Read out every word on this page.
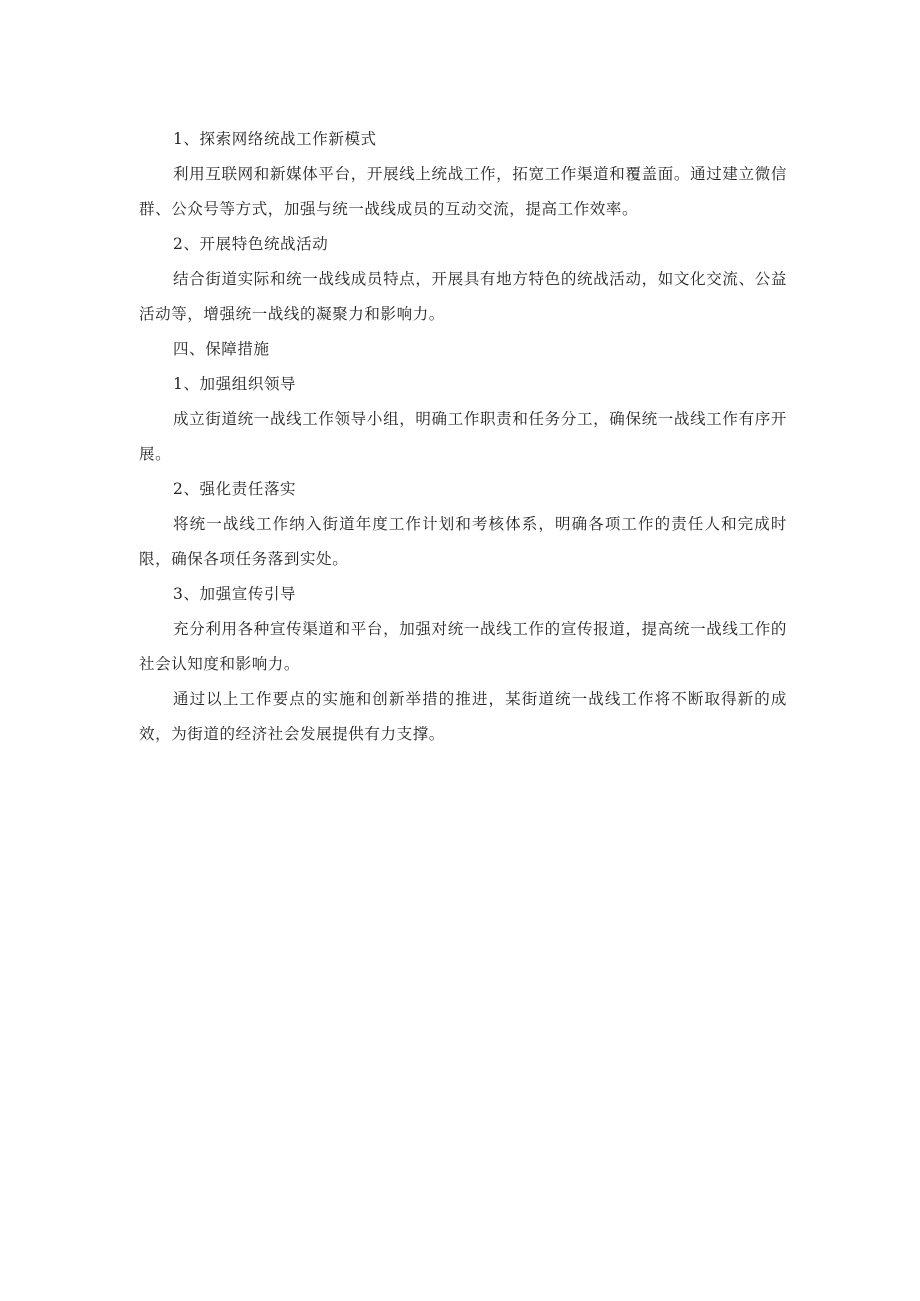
1、探索网络统战工作新模式

利用互联网和新媒体平台，开展线上统战工作，拓宽工作渠道和覆盖面。通过建立微信群、公众号等方式，加强与统一战线成员的互动交流，提高工作效率。

2、开展特色统战活动

结合街道实际和统一战线成员特点，开展具有地方特色的统战活动，如文化交流、公益活动等，增强统一战线的凝聚力和影响力。

四、保障措施

1、加强组织领导

成立街道统一战线工作领导小组，明确工作职责和任务分工，确保统一战线工作有序开展。

2、强化责任落实

将统一战线工作纳入街道年度工作计划和考核体系，明确各项工作的责任人和完成时限，确保各项任务落到实处。

3、加强宣传引导

充分利用各种宣传渠道和平台，加强对统一战线工作的宣传报道，提高统一战线工作的社会认知度和影响力。

通过以上工作要点的实施和创新举措的推进，某街道统一战线工作将不断取得新的成效，为街道的经济社会发展提供有力支撑。
